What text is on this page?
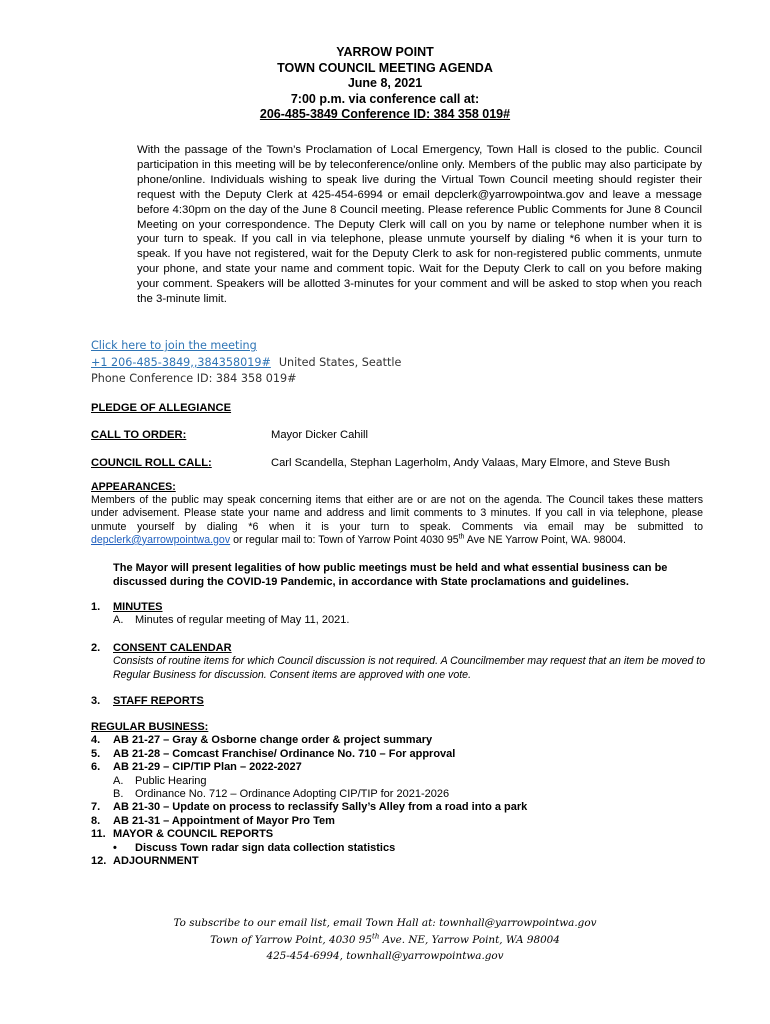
YARROW POINT
TOWN COUNCIL MEETING AGENDA
June 8, 2021
7:00 p.m. via conference call at:
206-485-3849 Conference ID: 384 358 019#
With the passage of the Town’s Proclamation of Local Emergency, Town Hall is closed to the public. Council participation in this meeting will be by teleconference/online only. Members of the public may also participate by phone/online. Individuals wishing to speak live during the Virtual Town Council meeting should register their request with the Deputy Clerk at 425-454-6994 or email depclerk@yarrowpointwa.gov and leave a message before 4:30pm on the day of the June 8 Council meeting. Please reference Public Comments for June 8 Council Meeting on your correspondence. The Deputy Clerk will call on you by name or telephone number when it is your turn to speak. If you call in via telephone, please unmute yourself by dialing *6 when it is your turn to speak. If you have not registered, wait for the Deputy Clerk to ask for non-registered public comments, unmute your phone, and state your name and comment topic. Wait for the Deputy Clerk to call on you before making your comment. Speakers will be allotted 3-minutes for your comment and will be asked to stop when you reach the 3-minute limit.
Click here to join the meeting
+1 206-485-3849,,384358019# United States, Seattle
Phone Conference ID: 384 358 019#
PLEDGE OF ALLEGIANCE
CALL TO ORDER:	Mayor Dicker Cahill
COUNCIL ROLL CALL:	Carl Scandella, Stephan Lagerholm, Andy Valaas, Mary Elmore, and Steve Bush
APPEARANCES:
Members of the public may speak concerning items that either are or are not on the agenda. The Council takes these matters under advisement. Please state your name and address and limit comments to 3 minutes. If you call in via telephone, please unmute yourself by dialing *6 when it is your turn to speak. Comments via email may be submitted to depclerk@yarrowpointwa.gov or regular mail to: Town of Yarrow Point 4030 95th Ave NE Yarrow Point, WA. 98004.
The Mayor will present legalities of how public meetings must be held and what essential business can be discussed during the COVID-19 Pandemic, in accordance with State proclamations and guidelines.
1. MINUTES
A. Minutes of regular meeting of May 11, 2021.
2. CONSENT CALENDAR
Consists of routine items for which Council discussion is not required. A Councilmember may request that an item be moved to Regular Business for discussion. Consent items are approved with one vote.
3. STAFF REPORTS
REGULAR BUSINESS:
4. AB 21-27 – Gray & Osborne change order & project summary
5. AB 21-28 – Comcast Franchise/ Ordinance No. 710 – For approval
6. AB 21-29 – CIP/TIP Plan – 2022-2027
A. Public Hearing
B. Ordinance No. 712 – Ordinance Adopting CIP/TIP for 2021-2026
7. AB 21-30 – Update on process to reclassify Sally’s Alley from a road into a park
8. AB 21-31 – Appointment of Mayor Pro Tem
11. MAYOR & COUNCIL REPORTS
• Discuss Town radar sign data collection statistics
12. ADJOURNMENT
To subscribe to our email list, email Town Hall at: townhall@yarrowpointwa.gov
Town of Yarrow Point, 4030 95th Ave. NE, Yarrow Point, WA 98004
425-454-6994, townhall@yarrowpointwa.gov
